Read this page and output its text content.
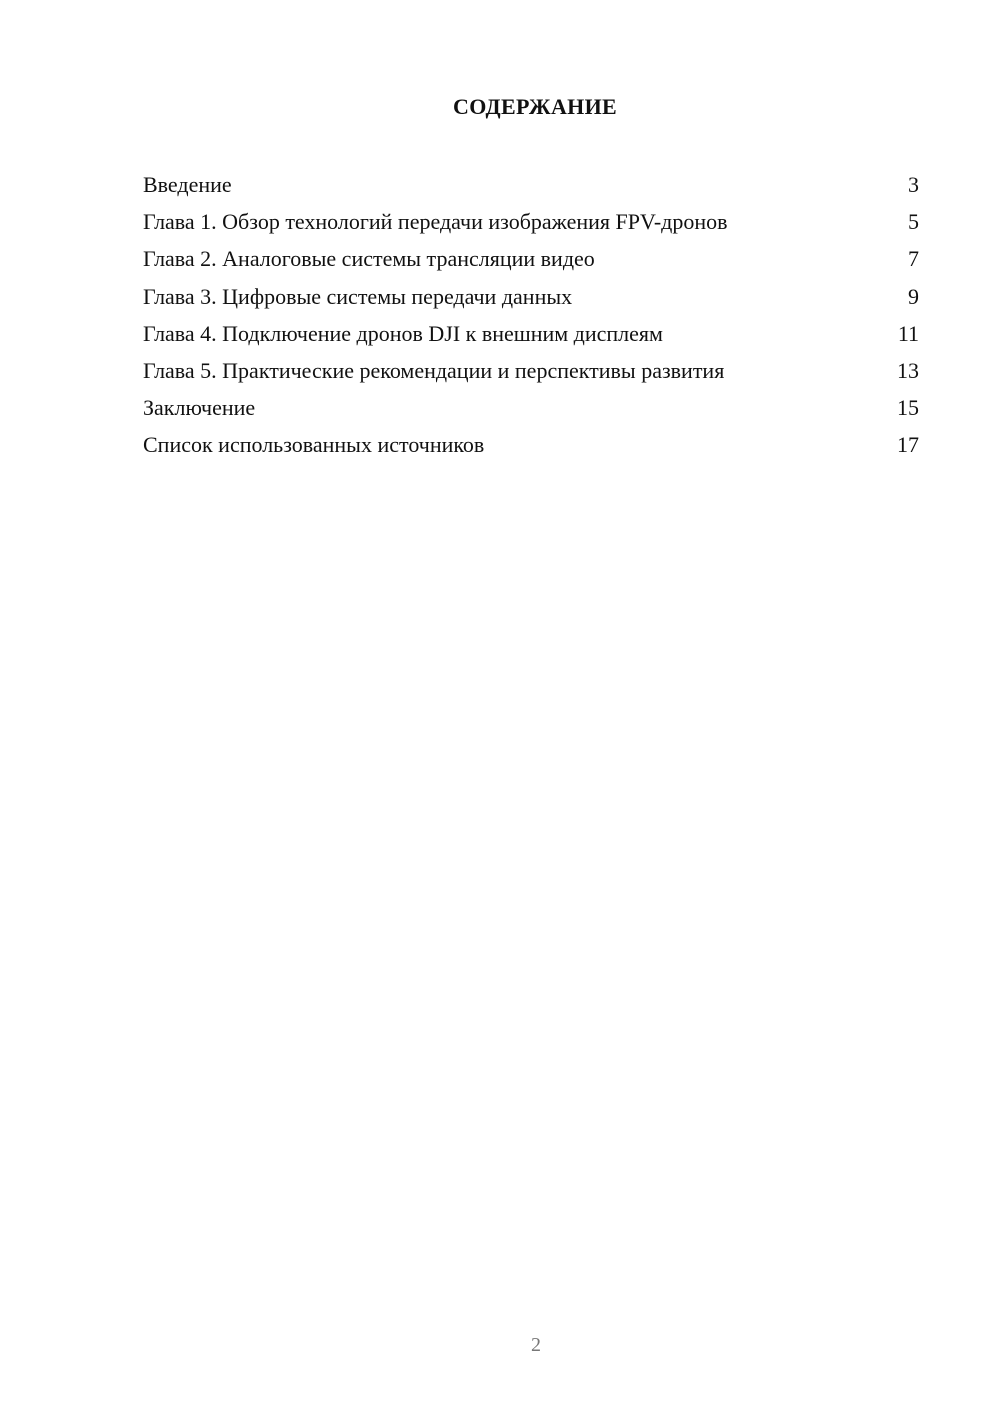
СОДЕРЖАНИЕ
Введение	3
Глава 1. Обзор технологий передачи изображения FPV-дронов	5
Глава 2. Аналоговые системы трансляции видео	7
Глава 3. Цифровые системы передачи данных	9
Глава 4. Подключение дронов DJI к внешним дисплеям	11
Глава 5. Практические рекомендации и перспективы развития	13
Заключение	15
Список использованных источников	17
2
